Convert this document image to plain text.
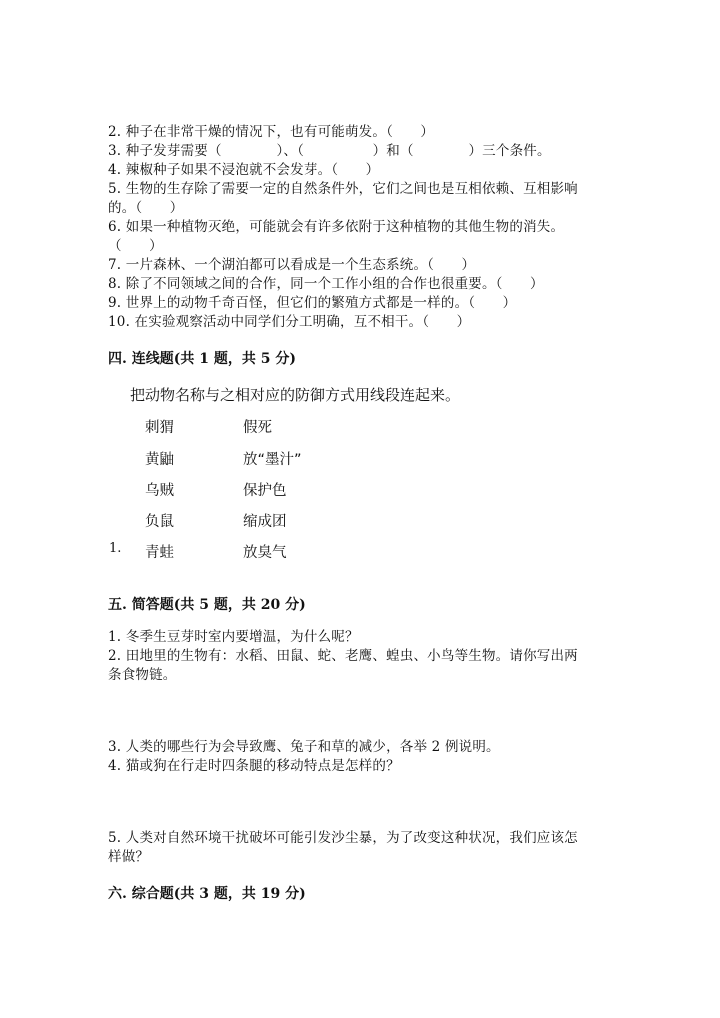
2. 种子在非常干燥的情况下，也有可能萌发。（　　）
3. 种子发芽需要（　　　　）、（　　　　　）和（　　　　）三个条件。
4. 辣椒种子如果不浸泡就不会发芽。（　　）
5. 生物的生存除了需要一定的自然条件外，它们之间也是互相依赖、互相影响
的。（　　）
6. 如果一种植物灭绝，可能就会有许多依附于这种植物的其他生物的消失。
（　　）
7. 一片森林、一个湖泊都可以看成是一个生态系统。（　　）
8. 除了不同领域之间的合作，同一个工作小组的合作也很重要。（　　）
9. 世界上的动物千奇百怪，但它们的繁殖方式都是一样的。（　　）
10. 在实验观察活动中同学们分工明确，互不相干。（　　）
四. 连线题(共 1 题，共 5 分)
把动物名称与之相对应的防御方式用线段连起来。
刺猬
黄鼬
乌贼
负鼠
青蛙
假死
放“墨汁”
保护色
缩成团
放臭气
1.
五. 简答题(共 5 题，共 20 分)
1. 冬季生豆芽时室内要增温，为什么呢？
2. 田地里的生物有：水稻、田鼠、蛇、老鹰、蝗虫、小鸟等生物。请你写出两
条食物链。
3. 人类的哪些行为会导致鹰、兔子和草的减少，各举 2 例说明。
4. 猫或狗在行走时四条腿的移动特点是怎样的？
5. 人类对自然环境干扰破坏可能引发沙尘暴，为了改变这种状况，我们应该怎
样做？
六. 综合题(共 3 题，共 19 分)
